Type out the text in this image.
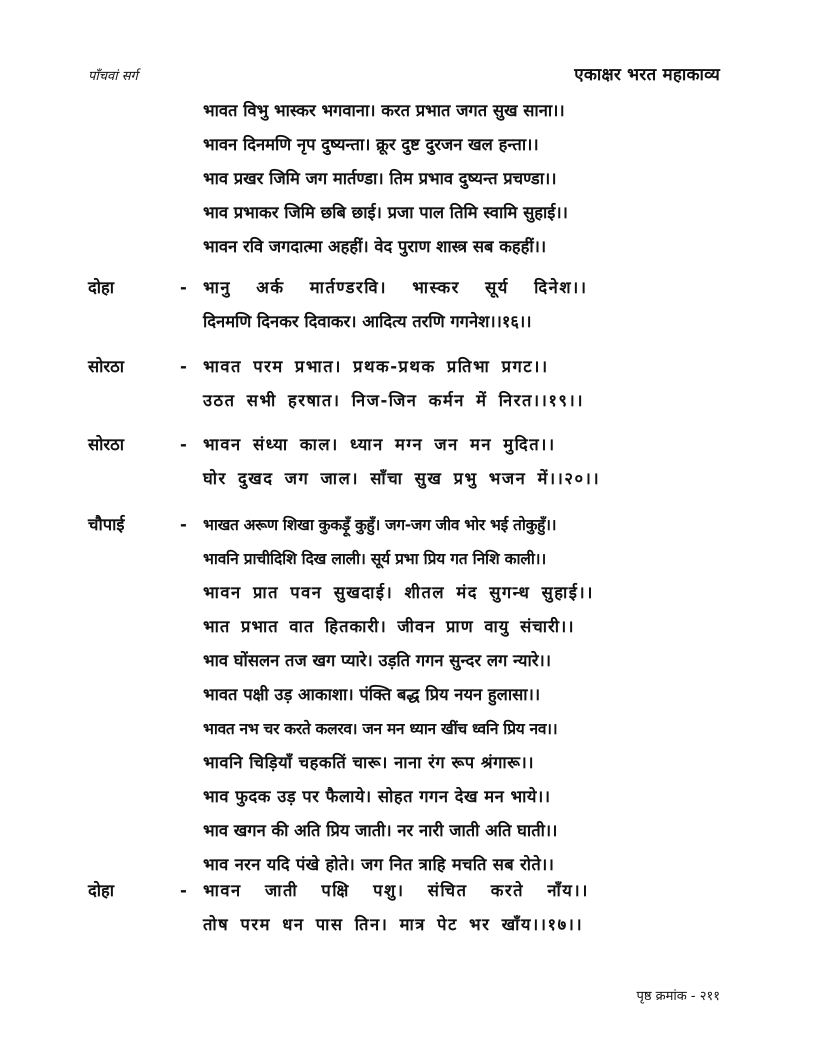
पाँचवां सर्ग	एकाक्षर भरत महाकाव्य
भावत विभु भास्कर भगवाना। करत प्रभात जगत सुख साना।।
भावन दिनमणि नृप दुष्यन्ता। क्रूर दुष्ट दुरजन खल हन्ता।।
भाव प्रखर जिमि जग मार्तण्डा। तिम प्रभाव दुष्यन्त प्रचण्डा।।
भाव प्रभाकर जिमि छबि छाई। प्रजा पाल तिमि स्वामि सुहाई।।
भावन रवि जगदात्मा अहहीं। वेद पुराण शास्त्र सब कहहीं।।
दोहा	- भानु अर्क मार्तण्डरवि। भास्कर सूर्य दिनेश।।
दिनमणि दिनकर दिवाकर। आदित्य तरणि गगनेश।।१६।।
सोरठा	- भावत परम प्रभात। प्रथक-प्रथक प्रतिभा प्रगट।।
उठत सभी हरषात। निज-जिन कर्मन में निरत।।१९।।
सोरठा	- भावन संध्या काल। ध्यान मग्न जन मन मुदित।।
घोर दुखद जग जाल। साँचा सुख प्रभु भजन में।।२०।।
चौपाई	- भाखत अरूण शिखा कुकड़ूँ कुहुँ। जग-जग जीव भोर भई तोकुहुँ।।
भावनि प्राचीदिशि दिख लाली। सूर्य प्रभा प्रिय गत निशि काली।।
भावन प्रात पवन सुखदाई। शीतल मंद सुगन्ध सुहाई।।
भात प्रभात वात हितकारी। जीवन प्राण वायु संचारी।।
भाव घोंसलन तज खग प्यारे। उड़ति गगन सुन्दर लग न्यारे।।
भावत पक्षी उड़ आकाशा। पंक्ति बद्ध प्रिय नयन हुलासा।।
भावत नभ चर करते कलरव। जन मन ध्यान खींच ध्वनि प्रिय नव।।
भावनि चिड़ियाँ चहकतिं चारू। नाना रंग रूप श्रंगारू।।
भाव फुदक उड़ पर फैलाये। सोहत गगन देख मन भाये।।
भाव खगन की अति प्रिय जाती। नर नारी जाती अति घाती।।
भाव नरन यदि पंखे होते। जग नित त्राहि मचति सब रोते।।
दोहा	- भावन जाती पक्षि पशु। संचित करते नाँय।।
तोष परम धन पास तिन। मात्र पेट भर खाँय।।१७।।
पृष्ठ क्रमांक - २११
